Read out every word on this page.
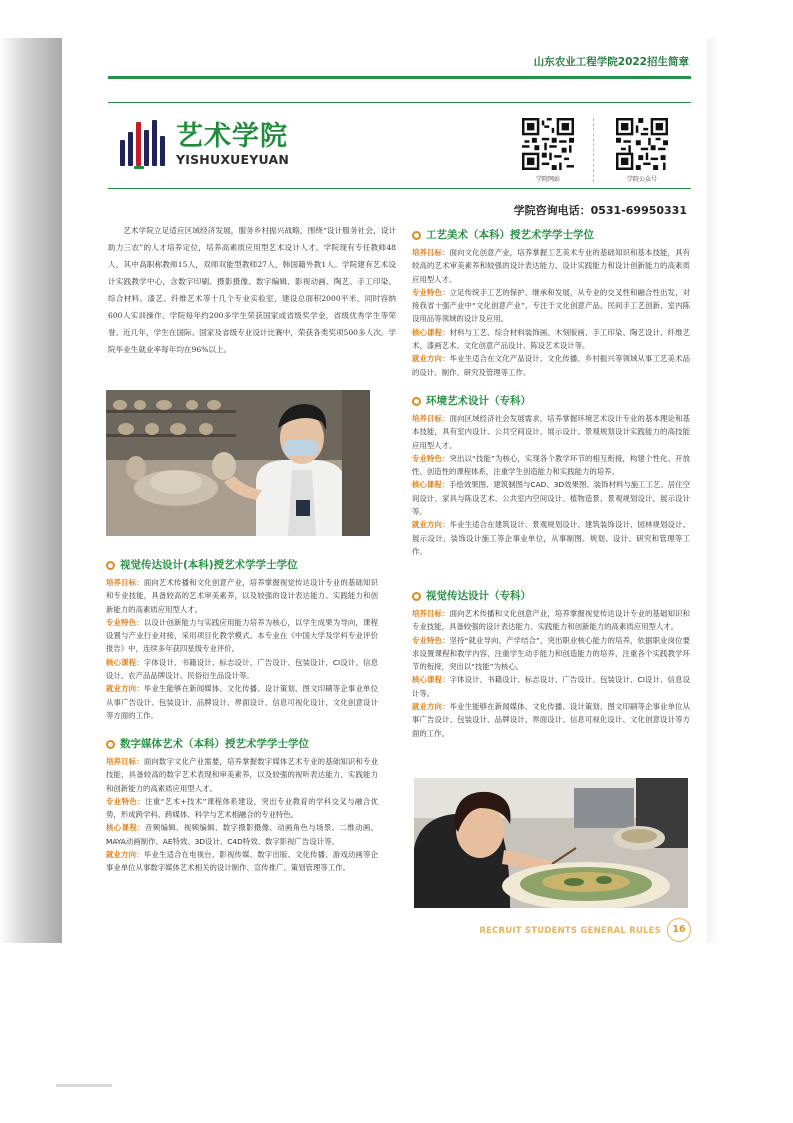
山东农业工程学院2022招生简章
艺术学院
YISHUXUEYUAN
学院网站	学院公众号
学院咨询电话：0531-69950331

艺术学院立足适应区域经济发展，服务乡村振兴战略，围绕“设计服务社会，设计助力三农”的人才培养定位，培养高素质应用型艺术设计人才。学院现有专任教师48人，其中高职称教师15人，双师双能型教师27人，韩国籍外教1人。学院建有艺术设计实践教学中心，含数字印刷、摄影摄像、数字编辑、影视动画、陶艺、手工印染、综合材料、漆艺、纤维艺术等十几个专业实验室，建设总面积2000平米，同时容纳600人实训操作。学院每年约200多学生荣获国家或省级奖学金，省级优秀学生等荣誉。近几年，学生在国际、国家及省级专业设计比赛中，荣获各类奖项500多人次。学院毕业生就业率每年均在96%以上。

视觉传达设计(本科)授艺术学学士学位

培养目标：面向艺术传播和文化创意产业，培养掌握视觉传达设计专业的基础知识和专业技能，具备较高的艺术审美素养，以及较强的设计表达能力、实践能力和创新能力的高素质应用型人才。

专业特色：以设计创新能力与实践应用能力培养为核心，以学生成果为导向，课程设置与产业行业对接，采用项目化教学模式。本专业在《中国大学及学科专业评价报告》中，连续多年获四星级专业评价。

核心课程：字体设计、书籍设计、标志设计、广告设计、包装设计、CI设计、信息设计、农产品品牌设计、民俗衍生品设计等。

就业方向：毕业生能够在新闻媒体、文化传播、设计策划、图文印刷等企事业单位从事广告设计、包装设计、品牌设计、界面设计、信息可视化设计、文化创意设计等方面的工作。

数字媒体艺术（本科）授艺术学学士学位

培养目标：面向数字文化产业需要，培养掌握数字媒体艺术专业的基础知识和专业技能，具备较高的数字艺术表现和审美素养，以及较强的视听表达能力、实践能力和创新能力的高素质应用型人才。

专业特色：注重“艺术+技术”课程体系建设，突出专业教育的学科交叉与融合优势，形成跨学科、跨媒体、科学与艺术相融合的专业特色。

核心课程：音频编辑、视频编辑、数字摄影摄像、动画角色与场景、二维动画、MAYA动画制作、AE特效、3D设计、C4D特效、数字影视广告设计等。

就业方向：毕业生适合在电视台、影视传媒、数字出版、文化传播、游戏动画等企事业单位从事数字媒体艺术相关的设计制作、宣传推广、策划管理等工作。

工艺美术（本科）授艺术学学士学位

培养目标：面向文化创意产业，培养掌握工艺美术专业的基础知识和基本技能，具有较高的艺术审美素养和较强的设计表达能力、设计实践能力和设计创新能力的高素质应用型人才。

专业特色：立足传统手工艺的保护、继承和发展，从专业的交叉性和融合性出发，对接我省十强产业中“文化创意产业”，专注于文化创意产品、民间手工艺创新、室内陈设用品等领域的设计及应用。

核心课程：材料与工艺、综合材料装饰画、木刻版画、手工印染、陶艺设计、纤维艺术、漆画艺术、文化创意产品设计、陈设艺术设计等。

就业方向：毕业生适合在文化产品设计、文化传播、乡村振兴等领域从事工艺美术品的设计、制作、研究及管理等工作。

环境艺术设计（专科）

培养目标：面向区域经济社会发展需求，培养掌握环境艺术设计专业的基本理论和基本技能，具有室内设计、公共空间设计、展示设计、景观规划设计实践能力的高技能应用型人才。

专业特色：突出以“技能”为核心，实现各个教学环节的相互衔接，构建个性化、开放性、创造性的课程体系，注重学生创造能力和实践能力的培养。

核心课程：手绘效果图、建筑制图与CAD、3D效果图、装饰材料与施工工艺、居住空间设计、家具与陈设艺术、公共室内空间设计、植物造景、景观规划设计、展示设计等。

就业方向：毕业生适合在建筑设计、景观规划设计、建筑装饰设计、园林规划设计、展示设计、装饰设计施工等企事业单位，从事制图、规划、设计、研究和管理等工作。

视觉传达设计（专科）

培养目标：面向艺术传播和文化创意产业，培养掌握视觉传达设计专业的基础知识和专业技能，具备较强的设计表达能力、实践能力和创新能力的高素质应用型人才。

专业特色：坚持“就业导向、产学结合”，突出职业核心能力的培养，依据职业岗位要求设置课程和教学内容，注重学生动手能力和创造能力的培养，注重各个实践教学环节的衔接，突出以“技能”为核心。

核心课程：字体设计、书籍设计、标志设计、广告设计、包装设计、CI设计、信息设计等。

就业方向：毕业生能够在新闻媒体、文化传播、设计策划、图文印刷等企事业单位从事广告设计、包装设计、品牌设计、界面设计、信息可视化设计、文化创意设计等方面的工作。

RECRUIT STUDENTS GENERAL RULES	16
